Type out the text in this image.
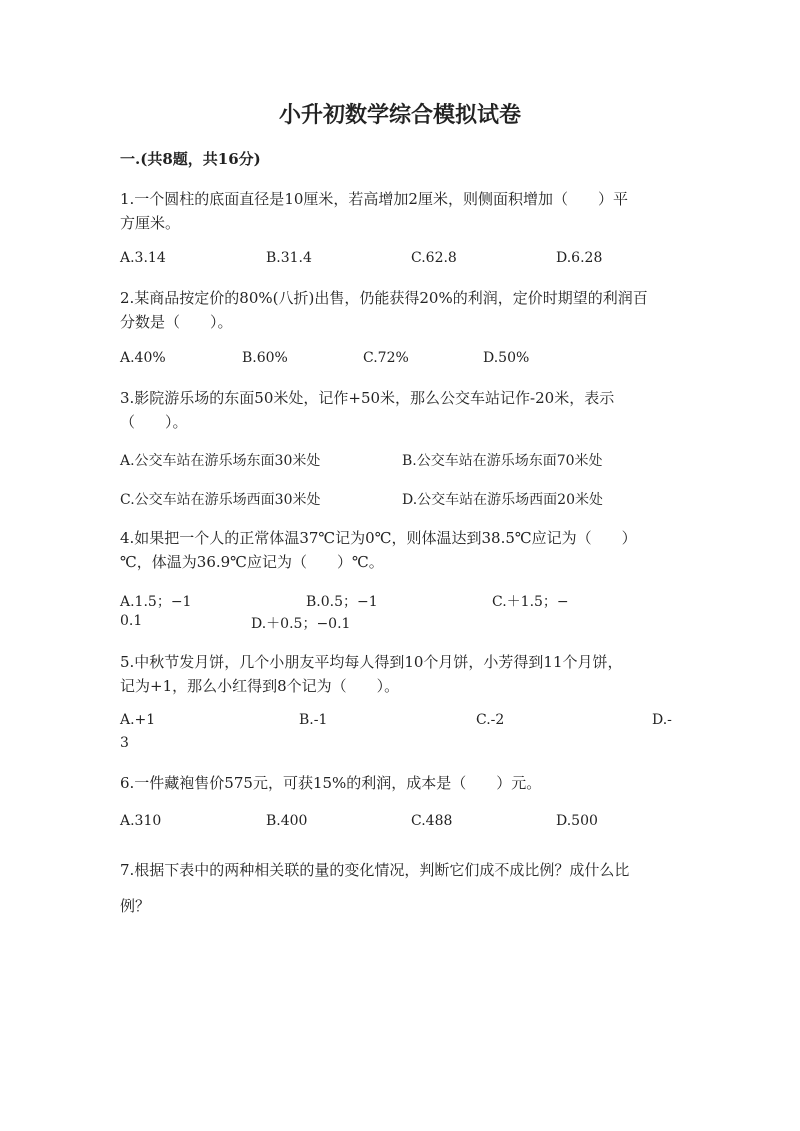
小升初数学综合模拟试卷
一.(共8题，共16分)
1.一个圆柱的底面直径是10厘米，若高增加2厘米，则侧面积增加（　　）平
方厘米。
A.3.14	B.31.4	C.62.8	D.6.28
2.某商品按定价的80%(八折)出售，仍能获得20%的利润，定价时期望的利润百
分数是（　　）。
A.40%	B.60%	C.72%	D.50%
3.影院游乐场的东面50米处，记作+50米，那么公交车站记作-20米，表示
（　　）。
A.公交车站在游乐场东面30米处	B.公交车站在游乐场东面70米处
C.公交车站在游乐场西面30米处	D.公交车站在游乐场西面20米处
4.如果把一个人的正常体温37℃记为0℃，则体温达到38.5℃应记为（　　）
℃，体温为36.9℃应记为（　　）℃。
A.1.5；−1	B.0.5；−1	C.＋1.5；−
0.1	D.＋0.5；−0.1
5.中秋节发月饼，几个小朋友平均每人得到10个月饼，小芳得到11个月饼，
记为+1，那么小红得到8个记为（　　）。
A.+1	B.-1	C.-2	D.-
3
6.一件藏袍售价575元，可获15%的利润，成本是（　　）元。
A.310	B.400	C.488	D.500
7.根据下表中的两种相关联的量的变化情况，判断它们成不成比例？成什么比
例？
